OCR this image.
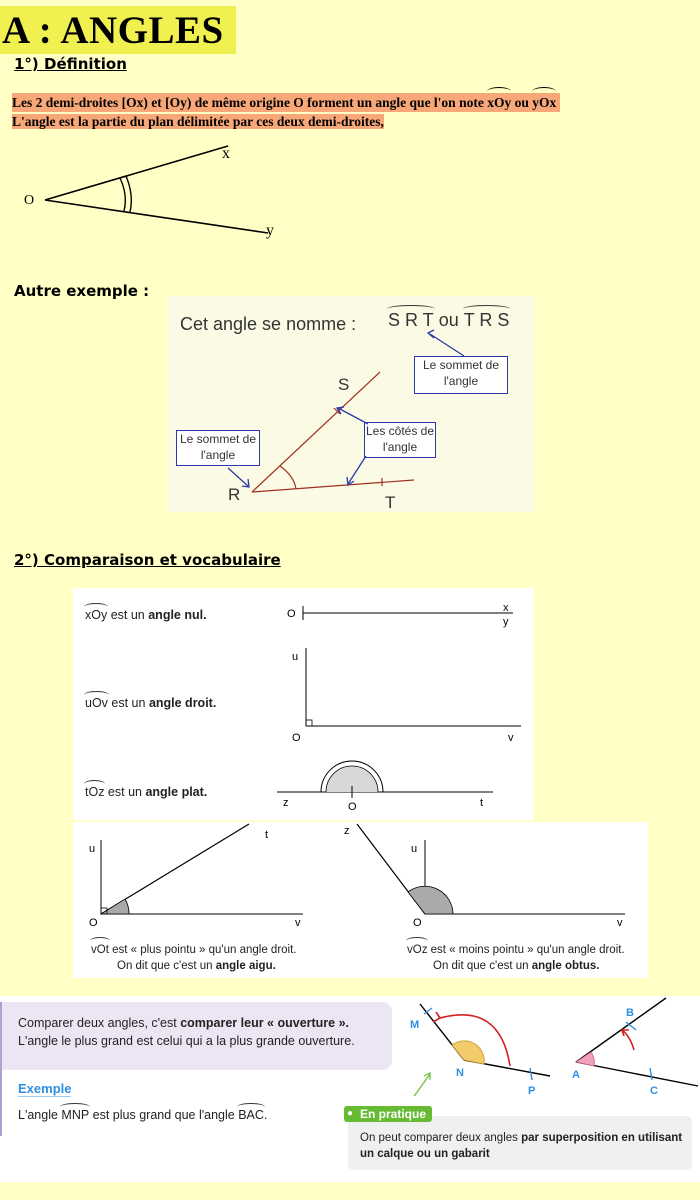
A : ANGLES
1°) Définition
Les 2 demi-droites [Ox) et [Oy) de même origine O forment un angle que l'on note xOy ou yOx
L'angle est la partie du plan délimitée par ces deux demi-droites,
O
x
y
Autre exemple :
Cet angle se nomme : S R T ou T R S
Le sommet de l'angle
Les côtés de l'angle
Le sommet de l'angle
S
R	T
2°) Comparaison et vocabulaire
xOy est un angle nul.	O	x
y
uOv est un angle droit.
u
O	v
tOz est un angle plat.
z	O	t
u
t
O	v
vOt est « plus pointu » qu'un angle droit.
On dit que c'est un angle aigu.
z
u
O	v
vOz est « moins pointu » qu'un angle droit.
On dit que c'est un angle obtus.
Comparer deux angles, c'est comparer leur « ouverture ».
L'angle le plus grand est celui qui a la plus grande ouverture.
Exemple
L'angle MNP est plus grand que l'angle BAC.
M
N
P
B
A
C
● En pratique
On peut comparer deux angles par superposition en utilisant un calque ou un gabarit
